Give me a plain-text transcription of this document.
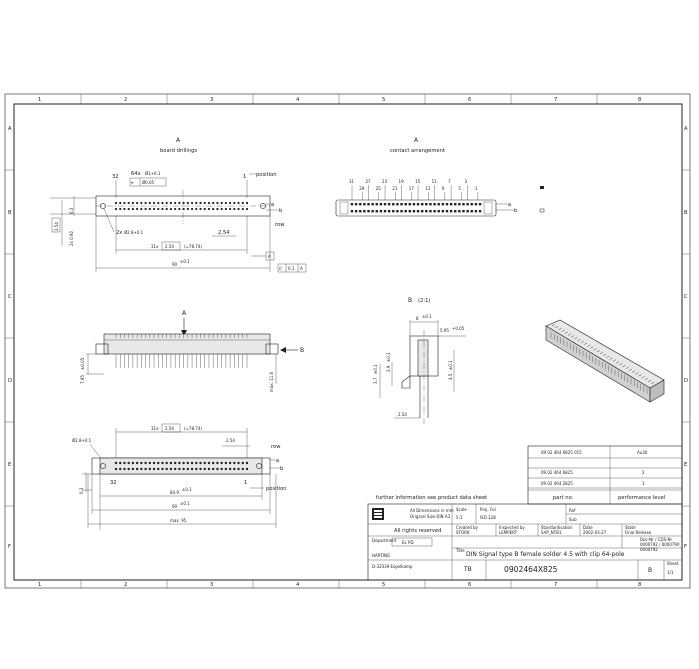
1	2	3	4	5	6	7	8
1	2	3	4	5	6	7	8
A
B
C
D
E
F
A
B
C
D
E
F
A
board drillings
32	1 position
64x Ø1+0.1
⌖ Ø0.05
a
b
row
2x Ø2.8+0.1	2.54
31x 2.54	(=78.74)
90
±0.1
A
// 0.1 A
2.54
6.3
2x 0.92
A
contact arrangement
31	27	23	19	15	11	7	3
29	25	21	17	13	9	5	1
a
b
A
B
7.95
±0.05
max. 11.6
B (2:1)
8 ±0.1
5.95 +0.05
4.5
±0.1
2.9
±0.1
3.7
±0.1
2.54
31x 2.54	(=78.74)
Ø2.8+0.1	2.54
row
a
b
32	1
position
0.3	84.9
±0.1
90
±0.1
max. 95
09 02 464 6825 015	Au30
09 02 464 6825	2
09 02 464 2825	1
part no.	performance level
further information see product data sheet
All Dimensions in mm
Original Size DIN A3
Scale
5:1
Proj. Fol
ISO 128
Ref
Sub
All rights reserved
Created by
STORK
Inspected by
LEMPERT
Standardisation
SAP_NTB1
Date
2002-03-27
State
Final Release
Department EL PD
Doc-Nr / CDS-Nr
0000792 / 0000790
0000792
Title
DIN Signal type B female solder 4.5 with clip 64-pole
HARTING
D-32339 Espelkamp	TB	0902464X825	B
Sheet
1/1
